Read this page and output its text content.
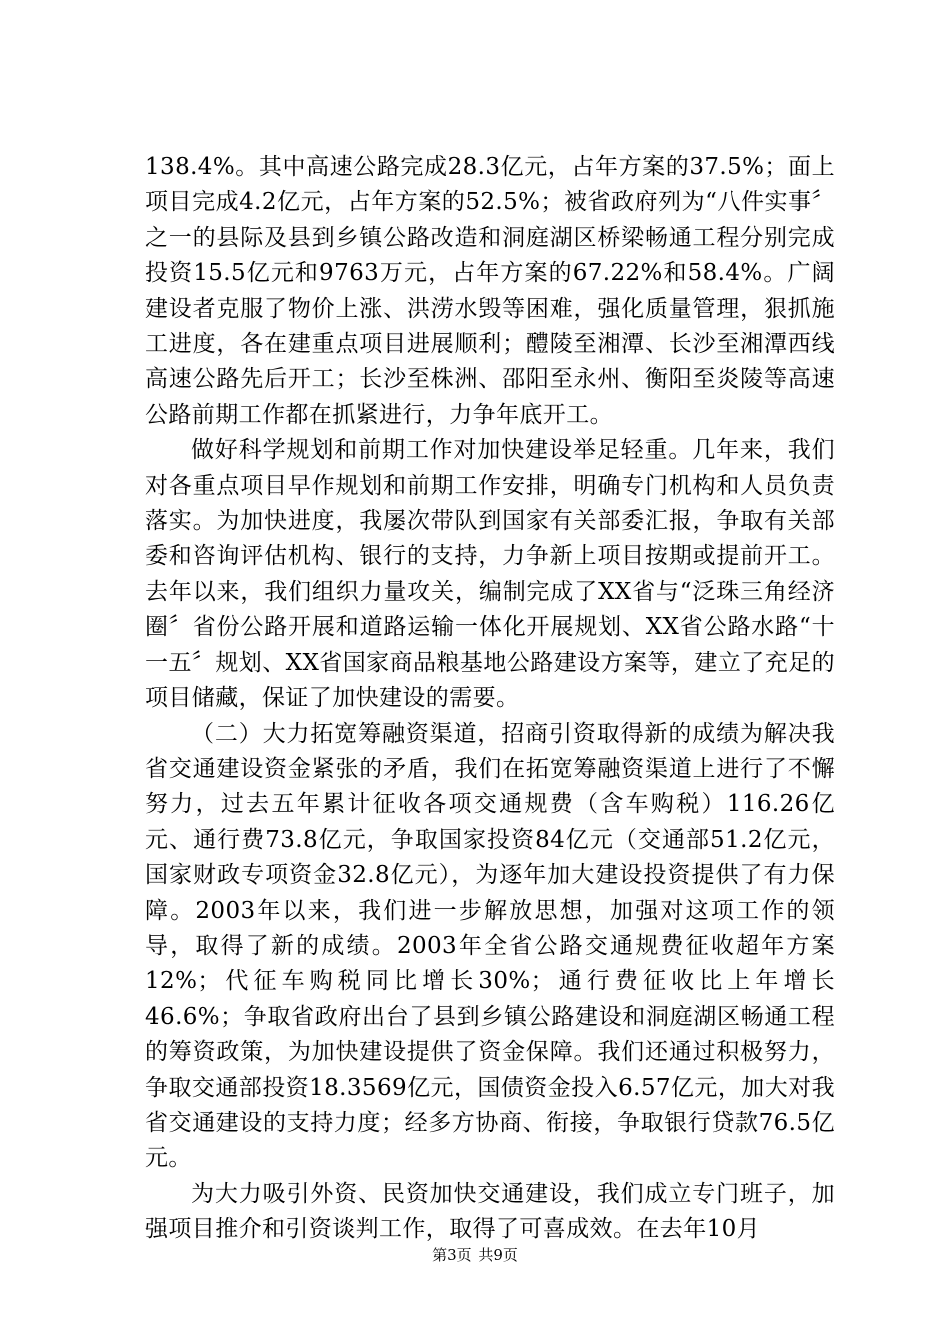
138.4%。其中高速公路完成28.3亿元，占年方案的37.5%；面上项目完成4.2亿元，占年方案的52.5%；被省政府列为“八件实事〞之一的县际及县到乡镇公路改造和洞庭湖区桥梁畅通工程分别完成投资15.5亿元和9763万元，占年方案的67.22%和58.4%。广阔建设者克服了物价上涨、洪涝水毁等困难，强化质量管理，狠抓施工进度，各在建重点项目进展顺利；醴陵至湘潭、长沙至湘潭西线高速公路先后开工；长沙至株洲、邵阳至永州、衡阳至炎陵等高速公路前期工作都在抓紧进行，力争年底开工。

做好科学规划和前期工作对加快建设举足轻重。几年来，我们对各重点项目早作规划和前期工作安排，明确专门机构和人员负责落实。为加快进度，我屡次带队到国家有关部委汇报，争取有关部委和咨询评估机构、银行的支持，力争新上项目按期或提前开工。去年以来，我们组织力量攻关，编制完成了XX省与“泛珠三角经济圈〞省份公路开展和道路运输一体化开展规划、XX省公路水路“十一五〞规划、XX省国家商品粮基地公路建设方案等，建立了充足的项目储藏，保证了加快建设的需要。

（二）大力拓宽筹融资渠道，招商引资取得新的成绩为解决我省交通建设资金紧张的矛盾，我们在拓宽筹融资渠道上进行了不懈努力，过去五年累计征收各项交通规费（含车购税）116.26亿元、通行费73.8亿元，争取国家投资84亿元（交通部51.2亿元，国家财政专项资金32.8亿元），为逐年加大建设投资提供了有力保障。2003年以来，我们进一步解放思想，加强对这项工作的领导，取得了新的成绩。2003年全省公路交通规费征收超年方案12%；代征车购税同比增长30%；通行费征收比上年增长46.6%；争取省政府出台了县到乡镇公路建设和洞庭湖区畅通工程的筹资政策，为加快建设提供了资金保障。我们还通过积极努力，争取交通部投资18.3569亿元，国债资金投入6.57亿元，加大对我省交通建设的支持力度；经多方协商、衔接，争取银行贷款76.5亿元。

为大力吸引外资、民资加快交通建设，我们成立专门班子，加强项目推介和引资谈判工作，取得了可喜成效。在去年10月

第3页 共9页
